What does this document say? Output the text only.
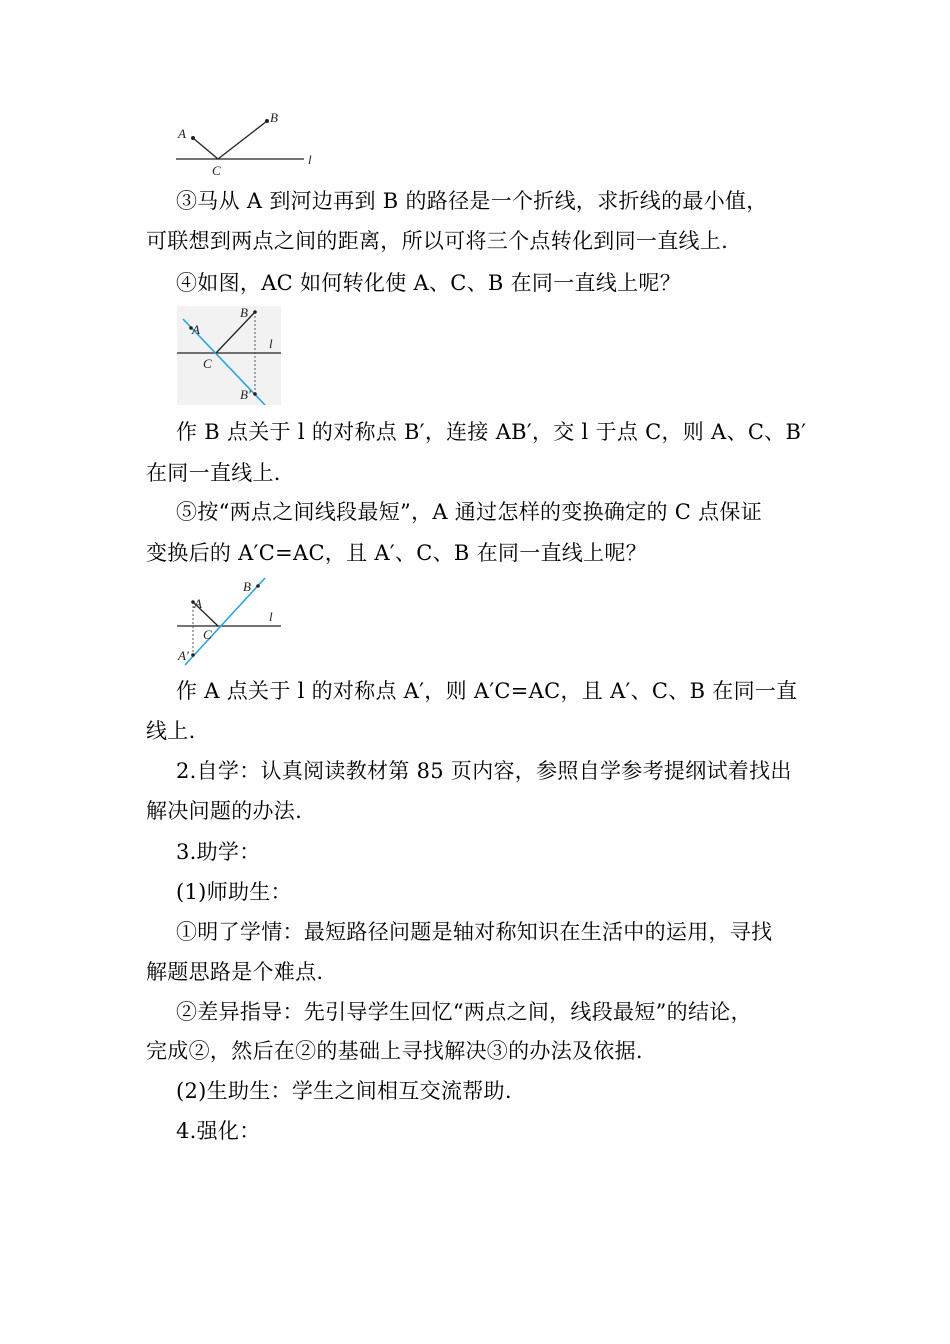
A
B
C
l
③马从 A 到河边再到 B 的路径是一个折线，求折线的最小值，
可联想到两点之间的距离，所以可将三个点转化到同一直线上.
④如图，AC 如何转化使 A、C、B 在同一直线上呢？
A
B
C
l
B′
作 B 点关于 l 的对称点 B′，连接 AB′，交 l 于点 C，则 A、C、B′
在同一直线上.
⑤按“两点之间线段最短”，A 通过怎样的变换确定的 C 点保证
变换后的 A′C=AC，且 A′、C、B 在同一直线上呢？
A
B
C
l
A′
作 A 点关于 l 的对称点 A′，则 A′C=AC，且 A′、C、B 在同一直
线上.
2.自学：认真阅读教材第 85 页内容，参照自学参考提纲试着找出
解决问题的办法.
3.助学：
(1)师助生：
①明了学情：最短路径问题是轴对称知识在生活中的运用，寻找
解题思路是个难点.
②差异指导：先引导学生回忆“两点之间，线段最短”的结论，
完成②，然后在②的基础上寻找解决③的办法及依据.
(2)生助生：学生之间相互交流帮助.
4.强化：
